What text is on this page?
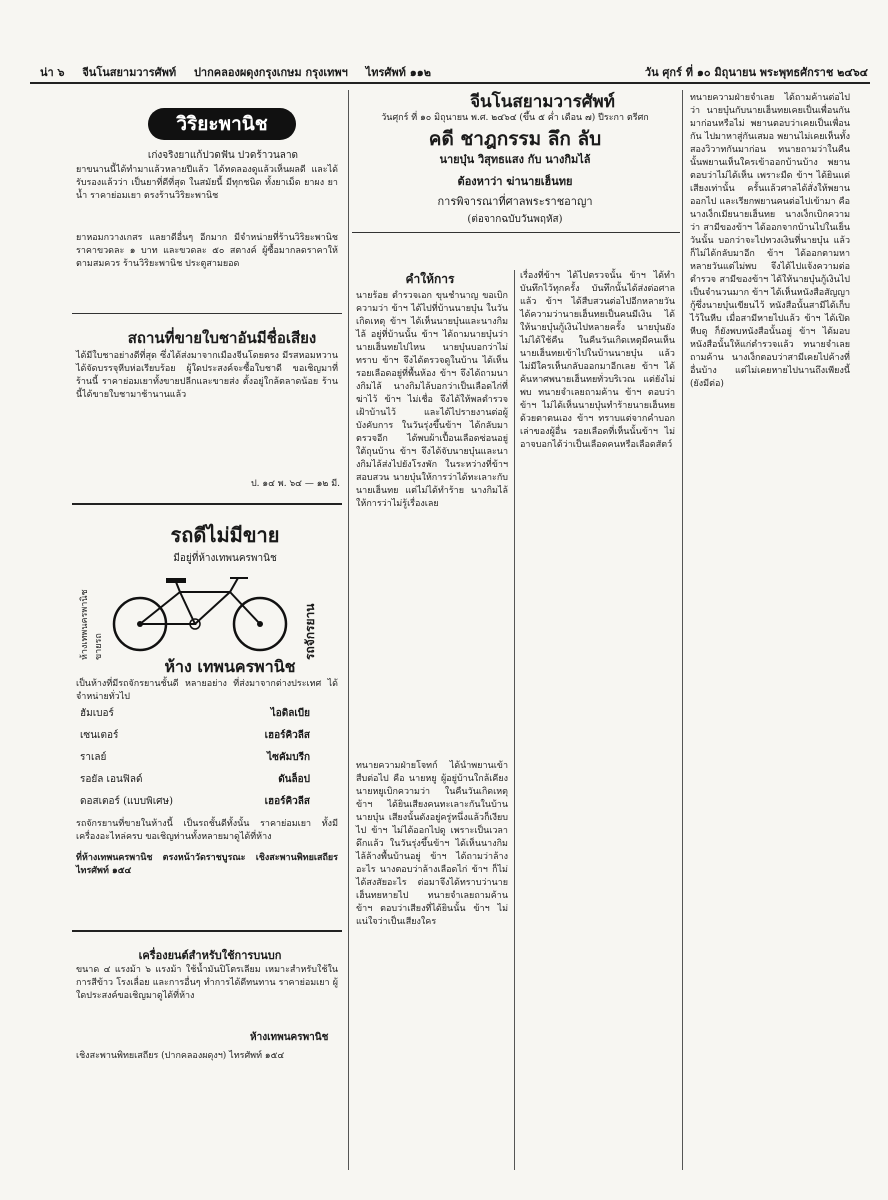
น่า ๖ จีนโนสยามวารศัพท์ ปากคลองผดุงกรุงเกษม กรุงเทพฯ ไทรศัพท์ ๑๑๒	วัน ศุกร์ ที่ ๑๐ มิถุนายน พระพุทธศักราช ๒๔๖๔
วิริยะพานิช
เก่งจริงยาแก้ปวดฟัน ปวดร้าวนลาด
ยาขนานนี้ได้ทำมาแล้วหลายปีแล้ว ได้ทดลองดูแล้วเห็นผลดี และได้รับรองแล้วว่า เป็นยาที่ดีที่สุด ในสมัยนี้ มีทุกชนิด ทั้งยาเม็ด ยาผง ยาน้ำ ราคาย่อมเยา ตรงร้านวิริยะพานิช
ยาหอมกวางเกสร แลยาดีอื่นๆ อีกมาก มีจำหน่ายที่ร้านวิริยะพานิช ราคาขวดละ ๑ บาท และขวดละ ๕๐ สตางค์ ผู้ซื้อมากลดราคาให้ตามสมควร ร้านวิริยะพานิช ประตูสามยอด
สถานที่ขายใบชาอันมีชื่อเสียง
ได้มีใบชาอย่างดีที่สุด ซึ่งได้ส่งมาจากเมืองจีนโดยตรง มีรสหอมหวาน ได้จัดบรรจุหีบห่อเรียบร้อย ผู้ใดประสงค์จะซื้อใบชาดี ขอเชิญมาที่ร้านนี้ ราคาย่อมเยาทั้งขายปลีกและขายส่ง ตั้งอยู่ใกล้ตลาดน้อย ร้านนี้ได้ขายใบชามาช้านานแล้ว
ป. ๑๔ พ. ๖๔ — ๑๒ มี.
รถดีไม่มีขาย
มีอยู่ที่ห้างเทพนครพานิช
ห้างเทพนครพานิช ขายรถ	รถจักรยาน
ห้าง เทพนครพานิช
เป็นห้างที่มีรถจักรยานชั้นดี หลายอย่าง ที่ส่งมาจากต่างประเทศ ได้จำหน่ายทั่วไป
ฮัมเบอร์	ไอดิลเบีย
เซนเตอร์	เฮอร์คิวลีส
ราเลย์	ไซคัมบรีก
รอยัล เอนฟิลด์	ดันล็อป
ดอสเตอร์ (แบบพิเศษ)	เฮอร์คิวลีส
รถจักรยานที่ขายในห้างนี้ เป็นรถชั้นดีทั้งนั้น ราคาย่อมเยา ทั้งมีเครื่องอะไหล่ครบ ขอเชิญท่านทั้งหลายมาดูได้ที่ห้าง
ที่ห้างเทพนครพานิช ตรงหน้าวัดราชบูรณะ เชิงสะพานพิทยเสถียร ไทรศัพท์ ๑๕๔
เครื่องยนต์สำหรับใช้การบนบก
ขนาด ๔ แรงม้า ๖ แรงม้า ใช้น้ำมันปิโตรเลียม เหมาะสำหรับใช้ในการสีข้าว โรงเลื่อย และการอื่นๆ ทำการได้ดีทนทาน ราคาย่อมเยา ผู้ใดประสงค์ขอเชิญมาดูได้ที่ห้าง
ห้างเทพนครพานิช
เชิงสะพานพิทยเสถียร (ปากคลองผดุงฯ) ไทรศัพท์ ๑๕๔
จีนโนสยามวารศัพท์
วันศุกร์ ที่ ๑๐ มิถุนายน พ.ศ. ๒๔๖๔ (ขึ้น ๕ ค่ำ เดือน ๗) ปีระกา ตรีศก
คดี ชาฎกรรม ลึก ลับ
นายบุ๋น วิสุทธแสง กับ นางกิมไล้
ต้องหาว่า ฆ่านายเฮ็นทย
การพิจารณาที่ศาลพระราชอาญา
(ต่อจากฉบับวันพฤหัส)
คำให้การ
นายร้อย ตำรวจเอก ขุนชำนาญ ขอเบิกความว่า ข้าฯ ได้ไปที่บ้านนายบุ๋น ในวันเกิดเหตุ ข้าฯ ได้เห็นนายบุ๋นและนางกิมไล้ อยู่ที่บ้านนั้น ข้าฯ ได้ถามนายบุ๋นว่านายเฮ็นทยไปไหน นายบุ๋นบอกว่าไม่ทราบ ข้าฯ จึงได้ตรวจดูในบ้าน ได้เห็นรอยเลือดอยู่ที่พื้นห้อง ข้าฯ จึงได้ถามนางกิมไล้ นางกิมไล้บอกว่าเป็นเลือดไก่ที่ฆ่าไว้ ข้าฯ ไม่เชื่อ จึงได้ให้พลตำรวจเฝ้าบ้านไว้ และได้ไปรายงานต่อผู้บังคับการ ในวันรุ่งขึ้นข้าฯ ได้กลับมาตรวจอีก ได้พบผ้าเปื้อนเลือดซ่อนอยู่ใต้ถุนบ้าน ข้าฯ จึงได้จับนายบุ๋นและนางกิมไล้ส่งไปยังโรงพัก ในระหว่างที่ข้าฯ สอบสวน นายบุ๋นให้การว่าได้ทะเลาะกับนายเฮ็นทย แต่ไม่ได้ทำร้าย นางกิมไล้ให้การว่าไม่รู้เรื่องเลย
เรื่องที่ข้าฯ ได้ไปตรวจนั้น ข้าฯ ได้ทำบันทึกไว้ทุกครั้ง บันทึกนั้นได้ส่งต่อศาลแล้ว ข้าฯ ได้สืบสวนต่อไปอีกหลายวัน ได้ความว่านายเฮ็นทยเป็นคนมีเงิน ได้ให้นายบุ๋นกู้เงินไปหลายครั้ง นายบุ๋นยังไม่ได้ใช้คืน ในคืนวันเกิดเหตุมีคนเห็นนายเฮ็นทยเข้าไปในบ้านนายบุ๋น แล้วไม่มีใครเห็นกลับออกมาอีกเลย ข้าฯ ได้ค้นหาศพนายเฮ็นทยทั่วบริเวณ แต่ยังไม่พบ ทนายจำเลยถามค้าน ข้าฯ ตอบว่าข้าฯ ไม่ได้เห็นนายบุ๋นทำร้ายนายเฮ็นทยด้วยตาตนเอง ข้าฯ ทราบแต่จากคำบอกเล่าของผู้อื่น รอยเลือดที่เห็นนั้นข้าฯ ไม่อาจบอกได้ว่าเป็นเลือดคนหรือเลือดสัตว์
ทนายความฝ่ายโจทก์ ได้นำพยานเข้าสืบต่อไป คือ นายหยู ผู้อยู่บ้านใกล้เคียง นายหยูเบิกความว่า ในคืนวันเกิดเหตุ ข้าฯ ได้ยินเสียงคนทะเลาะกันในบ้านนายบุ๋น เสียงนั้นดังอยู่ครู่หนึ่งแล้วก็เงียบไป ข้าฯ ไม่ได้ออกไปดู เพราะเป็นเวลาดึกแล้ว ในวันรุ่งขึ้นข้าฯ ได้เห็นนางกิมไล้ล้างพื้นบ้านอยู่ ข้าฯ ได้ถามว่าล้างอะไร นางตอบว่าล้างเลือดไก่ ข้าฯ ก็ไม่ได้สงสัยอะไร ต่อมาจึงได้ทราบว่านายเฮ็นทยหายไป ทนายจำเลยถามค้าน ข้าฯ ตอบว่าเสียงที่ได้ยินนั้น ข้าฯ ไม่แน่ใจว่าเป็นเสียงใคร
ทนายความฝ่ายจำเลย ได้ถามค้านต่อไปว่า นายบุ๋นกับนายเฮ็นทยเคยเป็นเพื่อนกันมาก่อนหรือไม่ พยานตอบว่าเคยเป็นเพื่อนกัน ไปมาหาสู่กันเสมอ พยานไม่เคยเห็นทั้งสองวิวาทกันมาก่อน ทนายถามว่าในคืนนั้นพยานเห็นใครเข้าออกบ้านบ้าง พยานตอบว่าไม่ได้เห็น เพราะมืด ข้าฯ ได้ยินแต่เสียงเท่านั้น ครั้นแล้วศาลได้สั่งให้พยานออกไป และเรียกพยานคนต่อไปเข้ามา คือ นางเง็กเมียนายเฮ็นทย นางเง็กเบิกความว่า สามีของข้าฯ ได้ออกจากบ้านไปในเย็นวันนั้น บอกว่าจะไปทวงเงินที่นายบุ๋น แล้วก็ไม่ได้กลับมาอีก ข้าฯ ได้ออกตามหาหลายวันแต่ไม่พบ จึงได้ไปแจ้งความต่อตำรวจ สามีของข้าฯ ได้ให้นายบุ๋นกู้เงินไปเป็นจำนวนมาก ข้าฯ ได้เห็นหนังสือสัญญากู้ซึ่งนายบุ๋นเขียนไว้ หนังสือนั้นสามีได้เก็บไว้ในหีบ เมื่อสามีหายไปแล้ว ข้าฯ ได้เปิดหีบดู ก็ยังพบหนังสือนั้นอยู่ ข้าฯ ได้มอบหนังสือนั้นให้แก่ตำรวจแล้ว ทนายจำเลยถามค้าน นางเง็กตอบว่าสามีเคยไปค้างที่อื่นบ้าง แต่ไม่เคยหายไปนานถึงเพียงนี้ (ยังมีต่อ)
